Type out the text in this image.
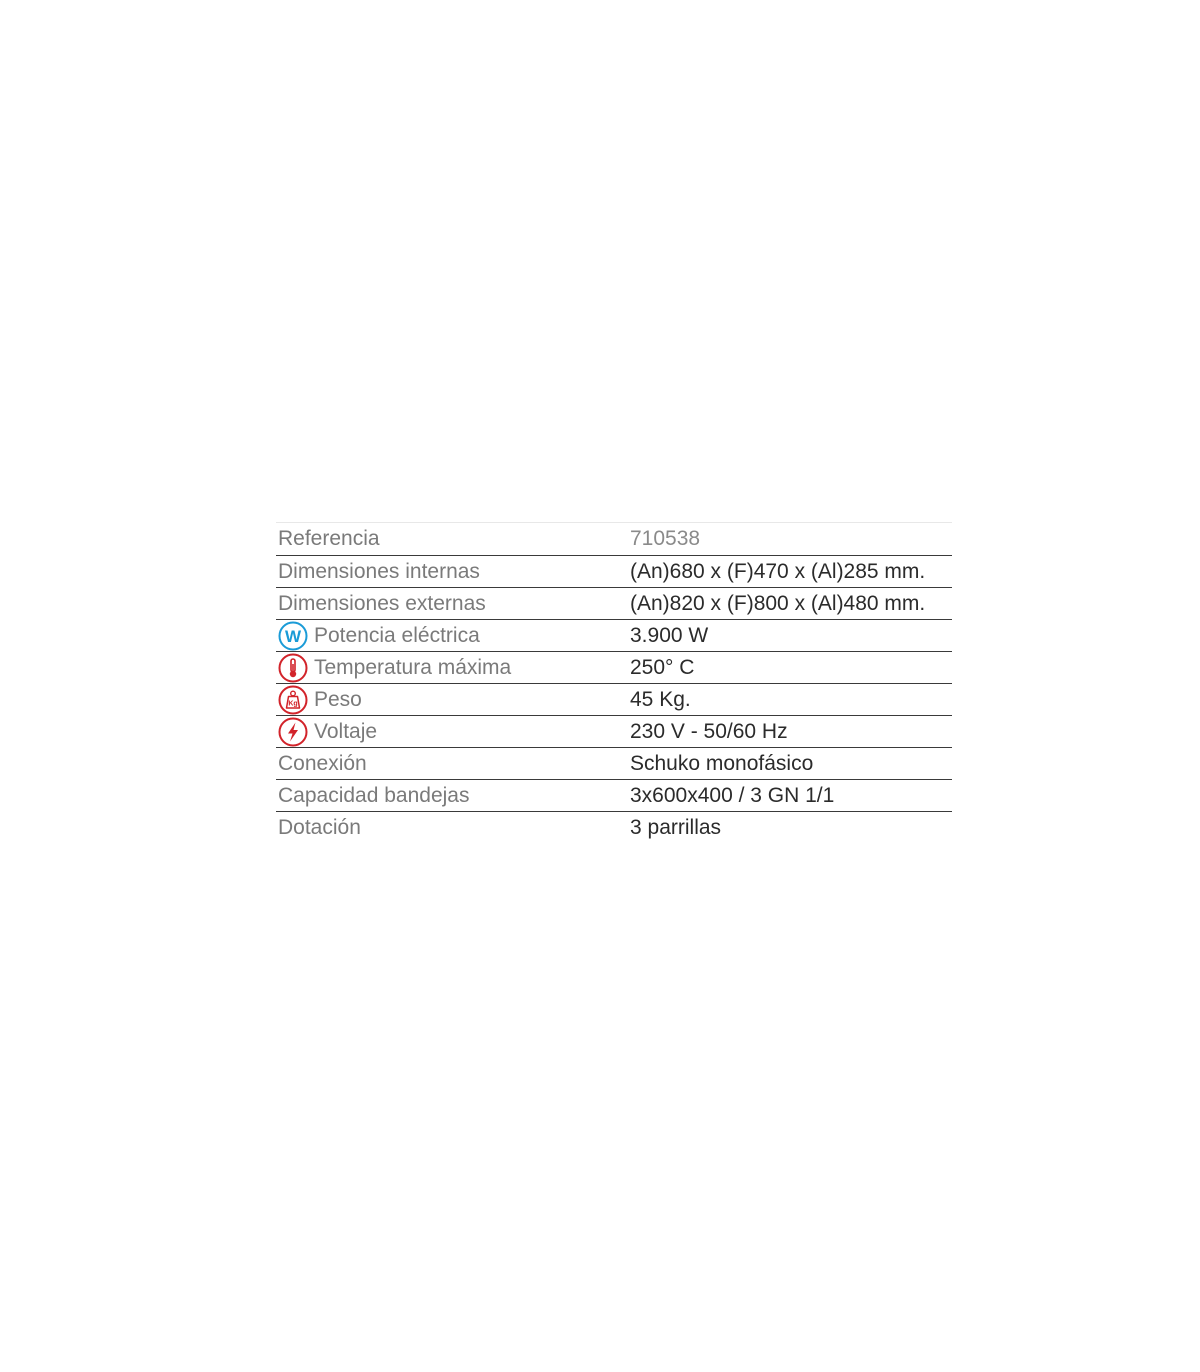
Referencia	710538
Dimensiones internas	(An)680 x (F)470 x (Al)285 mm.
Dimensiones externas	(An)820 x (F)800 x (Al)480 mm.
W Potencia eléctrica	3.900 W
Temperatura máxima	250° C
Kg Peso	45 Kg.
Voltaje	230 V - 50/60 Hz
Conexión	Schuko monofásico
Capacidad bandejas	3x600x400 / 3 GN 1/1
Dotación	3 parrillas
